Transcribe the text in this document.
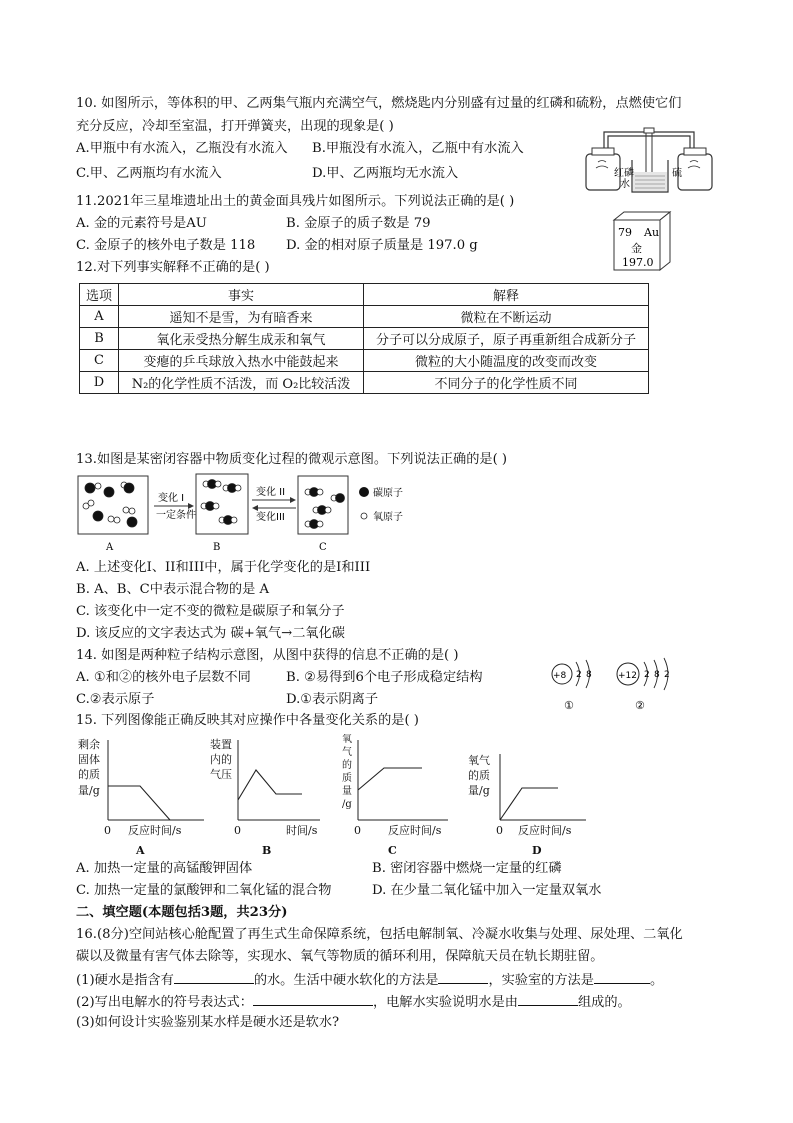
10. 如图所示，等体积的甲、乙两集气瓶内充满空气，燃烧匙内分别盛有过量的红磷和硫粉，点燃使它们
充分反应，冷却至室温，打开弹簧夹，出现的现象是( )
A.甲瓶中有水流入，乙瓶没有水流入 B.甲瓶没有水流入，乙瓶中有水流入
C.甲、乙两瓶均有水流入	D.甲、乙两瓶均无水流入	红磷
水
硫
11.2021年三星堆遗址出土的黄金面具残片如图所示。下列说法正确的是( )
A. 金的元素符号是AU	B. 金原子的质子数是 79
C. 金原子的核外电子数是 118 D. 金的相对原子质量是 197.0 g
79 Au
金
197.0
12.对下列事实解释不正确的是( )
选项	事实	解释
A	遥知不是雪，为有暗香来	微粒在不断运动
B	氧化汞受热分解生成汞和氧气	分子可以分成原子，原子再重新组合成新分子
C	变瘪的乒乓球放入热水中能鼓起来	微粒的大小随温度的改变而改变
D	N₂的化学性质不活泼，而 O₂比较活泼	不同分子的化学性质不同
13.如图是某密闭容器中物质变化过程的微观示意图。下列说法正确的是( )
变化 I
一定条件
变化 II
变化III
碳原子
氧原子
A	B	C
A. 上述变化I、II和III中，属于化学变化的是I和III
B. A、B、C中表示混合物的是 A
C. 该变化中一定不变的微粒是碳原子和氧分子
D. 该反应的文字表达式为 碳+氧气→二氧化碳
14. 如图是两种粒子结构示意图，从图中获得的信息不正确的是( )
A. ①和②的核外电子层数不同	B. ②易得到6个电子形成稳定结构
C.②表示原子	D.①表示阴离子
+8 2 8
①
+12 2 8 2
②
15. 下列图像能正确反映其对应操作中各量变化关系的是( )
剩余
固体
的质
量/g
0 反应时间/s
A
装置
内的
气压
0	时间/s
B
氧
气
的
质
量
/g
0 反应时间/s
C
氧气
的质
量/g
0 反应时间/s
D
A. 加热一定量的高锰酸钾固体	B. 密闭容器中燃烧一定量的红磷
C. 加热一定量的氯酸钾和二氧化锰的混合物	D. 在少量二氧化锰中加入一定量双氧水
二、填空题(本题包括3题，共23分)
16.(8分)空间站核心舱配置了再生式生命保障系统，包括电解制氧、冷凝水收集与处理、尿处理、二氧化
碳以及微量有害气体去除等，实现水、氧气等物质的循环利用，保障航天员在轨长期驻留。
(1)硬水是指含有	的水。生活中硬水软化的方法是	，实验室的方法是	。
(2)写出电解水的符号表达式：	，电解水实验说明水是由	组成的。
(3)如何设计实验鉴别某水样是硬水还是软水?
